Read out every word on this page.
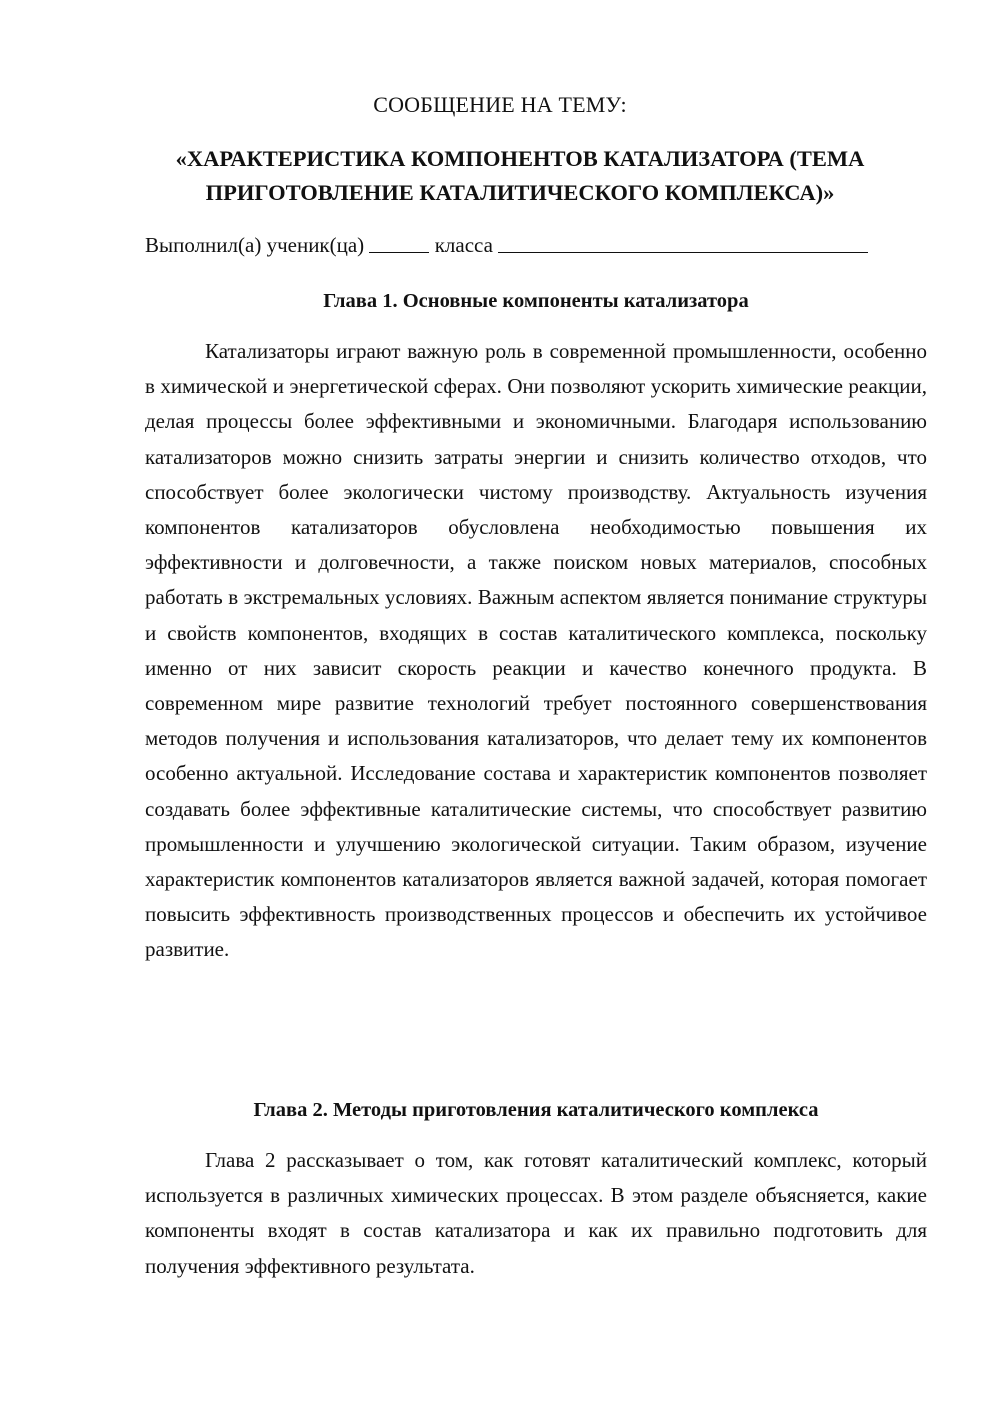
СООБЩЕНИЕ НА ТЕМУ:

«ХАРАКТЕРИСТИКА КОМПОНЕНТОВ КАТАЛИЗАТОРА (ТЕМА ПРИГОТОВЛЕНИЕ КАТАЛИТИЧЕСКОГО КОМПЛЕКСА)»

Выполнил(а) ученик(ца)	класса
Глава 1. Основные компоненты катализатора

Катализаторы играют важную роль в современной промышленности, особенно в химической и энергетической сферах. Они позволяют ускорить химические реакции, делая процессы более эффективными и экономичными. Благодаря использованию катализаторов можно снизить затраты энергии и снизить количество отходов, что способствует более экологически чистому производству. Актуальность изучения компонентов катализаторов обусловлена необходимостью повышения их эффективности и долговечности, а также поиском новых материалов, способных работать в экстремальных условиях. Важным аспектом является понимание структуры и свойств компонентов, входящих в состав каталитического комплекса, поскольку именно от них зависит скорость реакции и качество конечного продукта. В современном мире развитие технологий требует постоянного совершенствования методов получения и использования катализаторов, что делает тему их компонентов особенно актуальной. Исследование состава и характеристик компонентов позволяет создавать более эффективные каталитические системы, что способствует развитию промышленности и улучшению экологической ситуации. Таким образом, изучение характеристик компонентов катализаторов является важной задачей, которая помогает повысить эффективность производственных процессов и обеспечить их устойчивое развитие.

Глава 2. Методы приготовления каталитического комплекса

Глава 2 рассказывает о том, как готовят каталитический комплекс, который используется в различных химических процессах. В этом разделе объясняется, какие компоненты входят в состав катализатора и как их правильно подготовить для получения эффективного результата.
